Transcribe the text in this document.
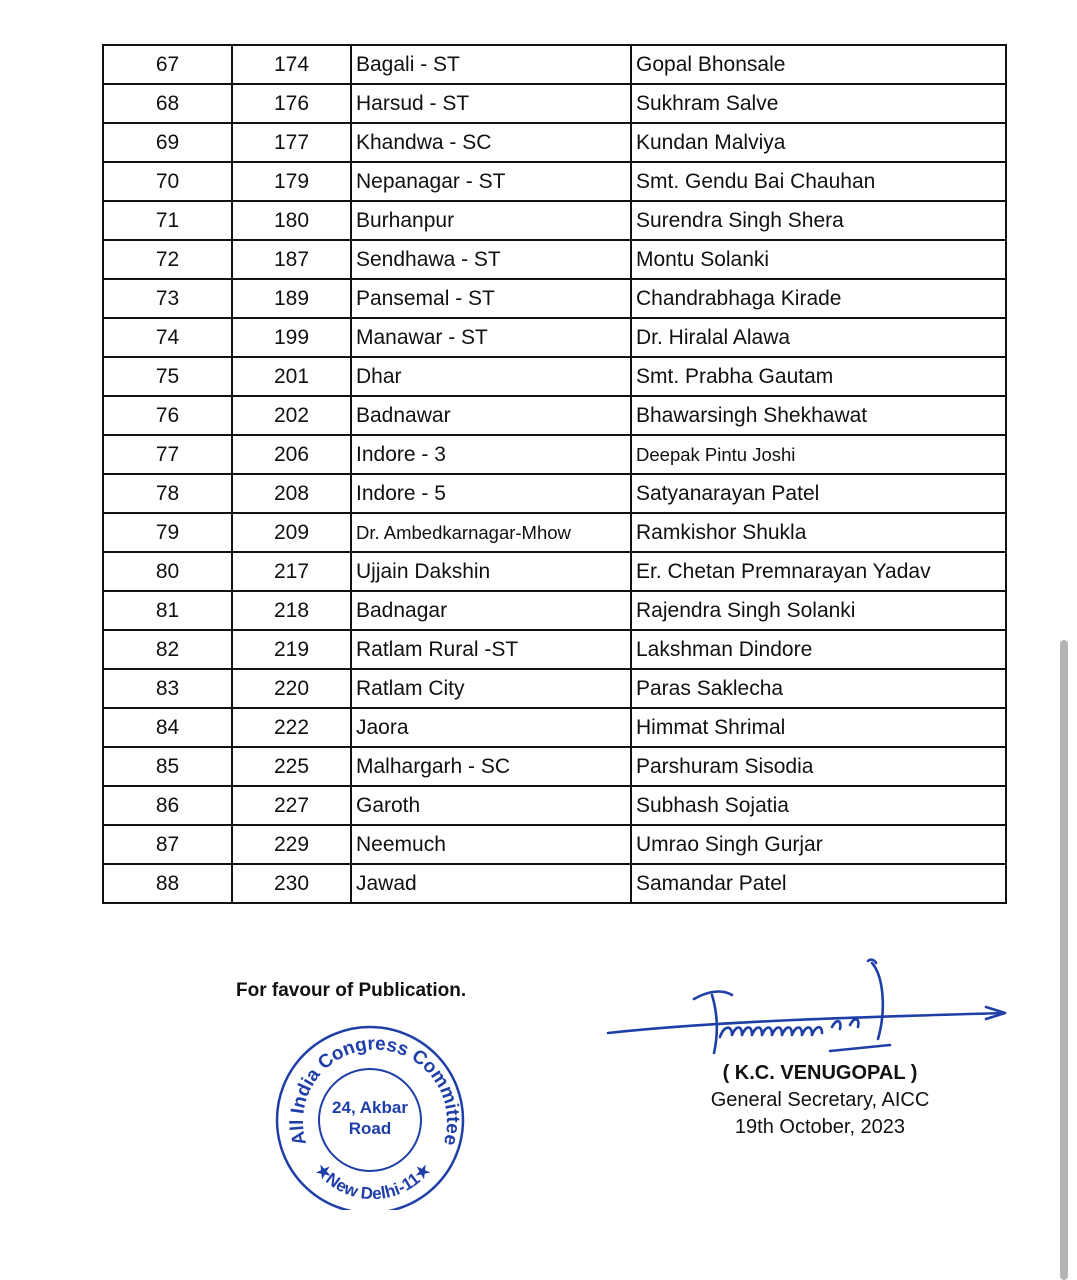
67	174	Bagali - ST	Gopal Bhonsale
68	176	Harsud - ST	Sukhram Salve
69	177	Khandwa - SC	Kundan Malviya
70	179	Nepanagar - ST	Smt. Gendu Bai Chauhan
71	180	Burhanpur	Surendra Singh Shera
72	187	Sendhawa - ST	Montu Solanki
73	189	Pansemal - ST	Chandrabhaga Kirade
74	199	Manawar - ST	Dr. Hiralal Alawa
75	201	Dhar	Smt. Prabha Gautam
76	202	Badnawar	Bhawarsingh Shekhawat
77	206	Indore - 3	Deepak Pintu Joshi
78	208	Indore - 5	Satyanarayan Patel
79	209	Dr. Ambedkarnagar-Mhow	Ramkishor Shukla
80	217	Ujjain Dakshin	Er. Chetan Premnarayan Yadav
81	218	Badnagar	Rajendra Singh Solanki
82	219	Ratlam Rural -ST	Lakshman Dindore
83	220	Ratlam City	Paras Saklecha
84	222	Jaora	Himmat Shrimal
85	225	Malhargarh - SC	Parshuram Sisodia
86	227	Garoth	Subhash Sojatia
87	229	Neemuch	Umrao Singh Gurjar
88	230	Jawad	Samandar Patel
For favour of Publication.
All India Congress Committee
★New Delhi-11★
24, Akbar
Road
( K.C. VENUGOPAL )
General Secretary, AICC
19th October, 2023
